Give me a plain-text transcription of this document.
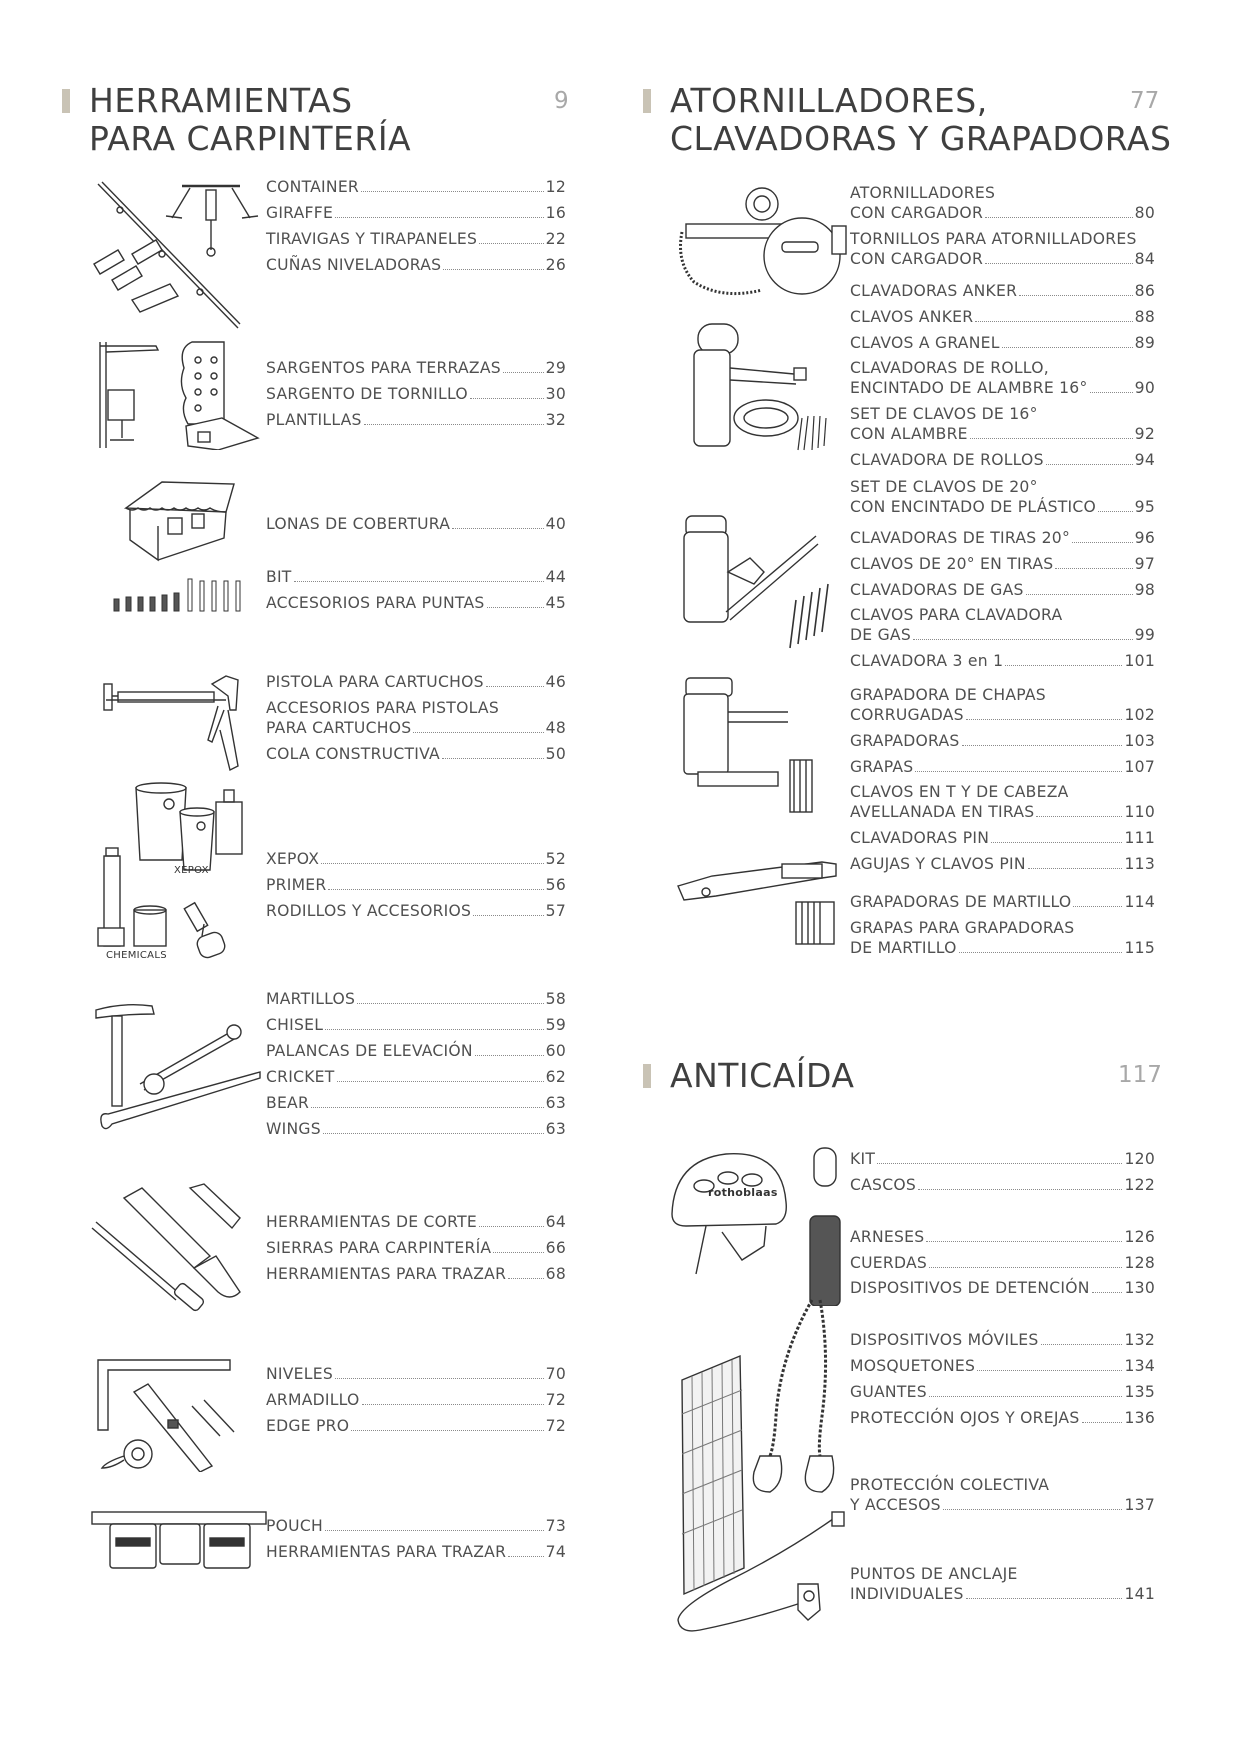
HERRAMIENTAS
PARA CARPINTERÍA
9	ATORNILLADORES,
CLAVADORAS Y GRAPADORAS
77
ANTICAÍDA	117
CONTAINER	12
GIRAFFE	16
TIRAVIGAS Y TIRAPANELES	22
CUÑAS NIVELADORAS	26
SARGENTOS PARA TERRAZAS	29
SARGENTO DE TORNILLO	30
PLANTILLAS	32
LONAS DE COBERTURA	40
BIT	44
ACCESORIOS PARA PUNTAS	45
PISTOLA PARA CARTUCHOS	46
ACCESORIOS PARA PISTOLAS
PARA CARTUCHOS	48
COLA CONSTRUCTIVA	50
XEPOX	52
PRIMER	56
RODILLOS Y ACCESORIOS	57
MARTILLOS	58
CHISEL	59
PALANCAS DE ELEVACIÓN	60
CRICKET	62
BEAR	63
WINGS	63
HERRAMIENTAS DE CORTE	64
SIERRAS PARA CARPINTERÍA	66
HERRAMIENTAS PARA TRAZAR	68
NIVELES	70
ARMADILLO	72
EDGE PRO	72
POUCH	73
HERRAMIENTAS PARA TRAZAR	74
ATORNILLADORES
CON CARGADOR	80
TORNILLOS PARA ATORNILLADORES
CON CARGADOR	84
CLAVADORAS ANKER	86
CLAVOS ANKER	88
CLAVOS A GRANEL	89
CLAVADORAS DE ROLLO,
ENCINTADO DE ALAMBRE 16°	90
SET DE CLAVOS DE 16°
CON ALAMBRE	92
CLAVADORA DE ROLLOS	94
SET DE CLAVOS DE 20°
CON ENCINTADO DE PLÁSTICO 95
CLAVADORAS DE TIRAS 20°	96
CLAVOS DE 20° EN TIRAS	97
CLAVADORAS DE GAS	98
CLAVOS PARA CLAVADORA
DE GAS	99
CLAVADORA 3 en 1	101
GRAPADORA DE CHAPAS
CORRUGADAS	102
GRAPADORAS	103
GRAPAS	107
CLAVOS EN T Y DE CABEZA
AVELLANADA EN TIRAS	110
CLAVADORAS PIN	111
AGUJAS Y CLAVOS PIN	113
GRAPADORAS DE MARTILLO	114
GRAPAS PARA GRAPADORAS
DE MARTILLO	115
KIT	120
CASCOS	122
ARNESES	126
CUERDAS	128
DISPOSITIVOS DE DETENCIÓN 130
DISPOSITIVOS MÓVILES	132
MOSQUETONES	134
GUANTES	135
PROTECCIÓN OJOS Y OREJAS	136
PROTECCIÓN COLECTIVA
Y ACCESOS	137
PUNTOS DE ANCLAJE
INDIVIDUALES	141
XEPOX
CHEMICALS
rothoblaas
